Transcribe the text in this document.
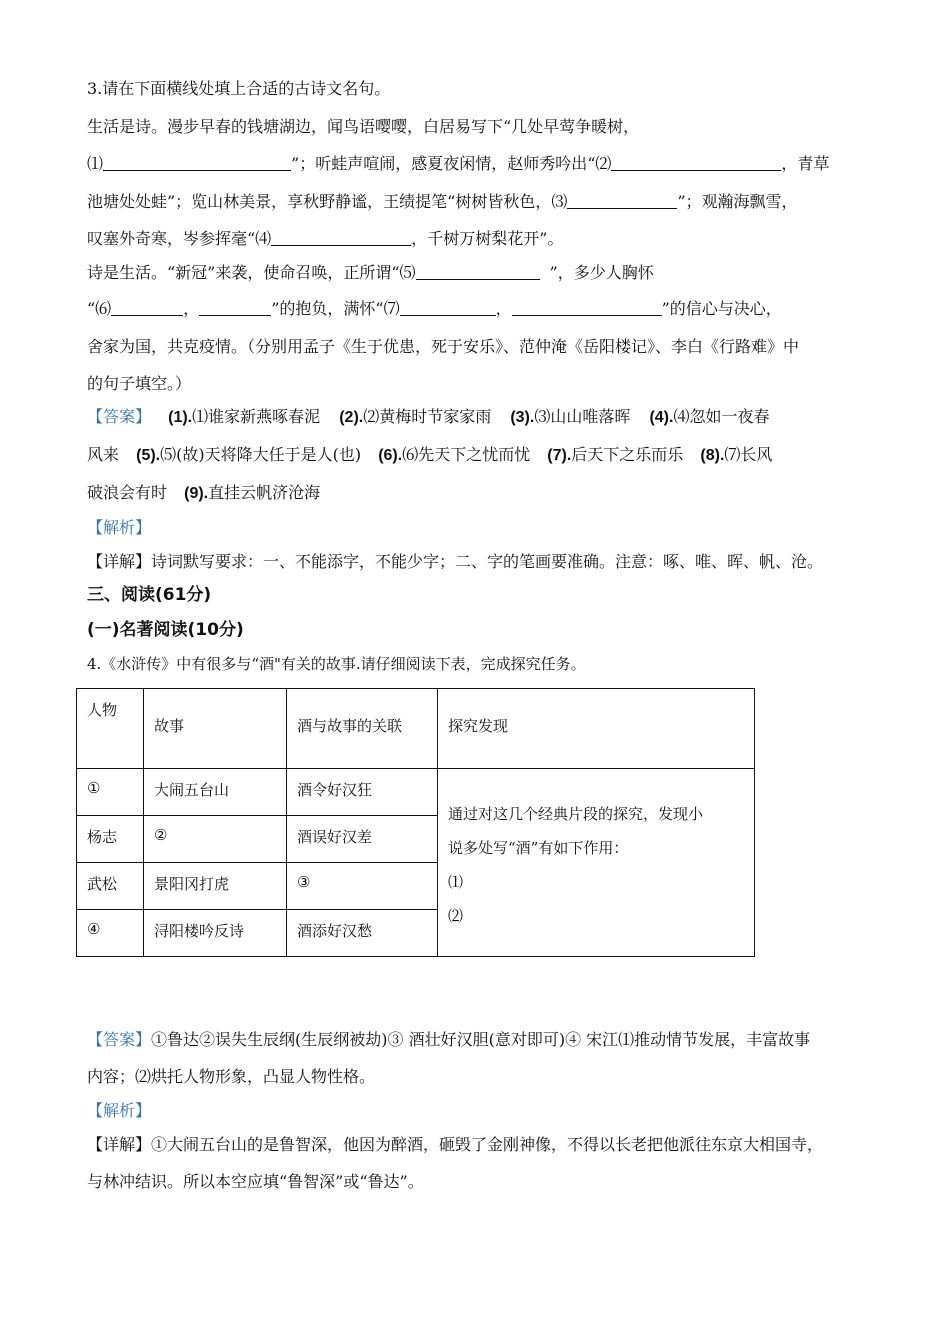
3.请在下面横线处填上合适的古诗文名句。
生活是诗。漫步早春的钱塘湖边，闻鸟语嘤嘤，白居易写下“几处早莺争暖树，
⑴	”；听蛙声喧闹，感夏夜闲情，赵师秀吟出“⑵	，青草
池塘处处蛙”；览山林美景，享秋野静谧，王绩提笔“树树皆秋色，⑶	”；观瀚海飘雪，
叹塞外奇寒，岑参挥毫“⑷	，千树万树梨花开”。
诗是生活。“新冠”来袭，使命召唤，正所谓“⑸	”，多少人胸怀
“⑹	，	”的抱负，满怀“⑺	，	”的信心与决心，
舍家为国，共克疫情。（分别用孟子《生于优患，死于安乐》、范仲淹《岳阳楼记》、李白《行路难》中
的句子填空。）
【答案】 (1).⑴谁家新燕啄春泥 (2).⑵黄梅时节家家雨 (3).⑶山山唯落晖 (4).⑷忽如一夜春
风来 (5).⑸(故)天将降大任于是人(也) (6).⑹先天下之忧而忧 (7).后天下之乐而乐 (8).⑺长风
破浪会有时 (9).直挂云帆济沧海
【解析】
【详解】诗词默写要求：一、不能添字，不能少字；二、字的笔画要准确。注意：啄、唯、晖、帆、沧。
三、阅读(61分)
(一)名著阅读(10分)
4.《水浒传》中有很多与“酒"有关的故事.请仔细阅读下表，完成探究任务。
人物	故事	酒与故事的关联	探究发现
①	大闹五台山	酒令好汉狂	通过对这几个经典片段的探究，发现小
说多处写“酒”有如下作用：
⑴
⑵

杨志	②	酒误好汉差	
武松	景阳冈打虎	③	
④	浔阳楼吟反诗	酒添好汉愁	
【答案】①鲁达②误失生辰纲(生辰纲被劫)③ 酒壮好汉胆(意对即可)④ 宋江⑴推动情节发展，丰富故事
内容；⑵烘托人物形象，凸显人物性格。
【解析】
【详解】①大闹五台山的是鲁智深，他因为醉酒，砸毁了金刚神像，不得以长老把他派往东京大相国寺，
与林冲结识。所以本空应填“鲁智深”或“鲁达”。
